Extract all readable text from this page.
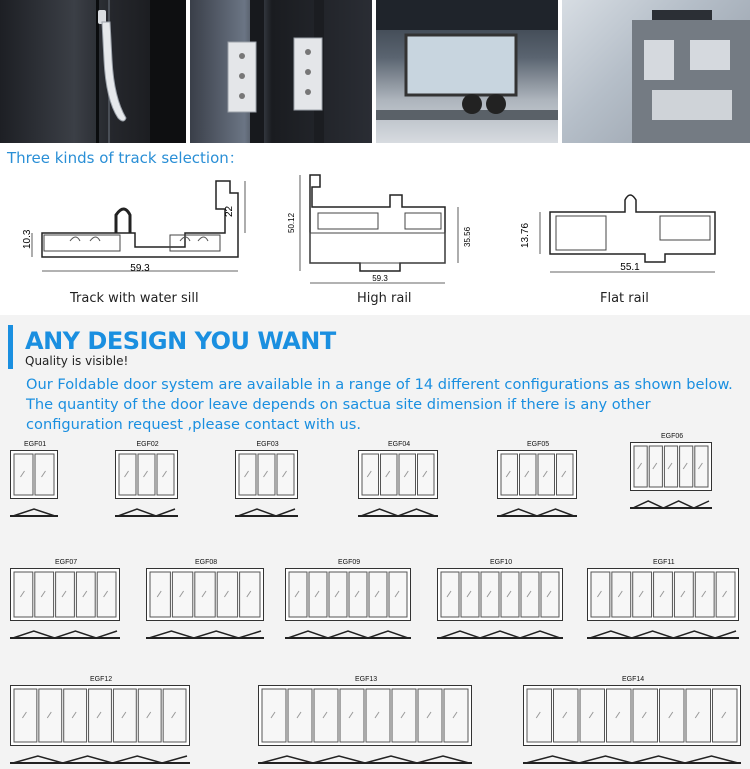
Three kinds of track selection：
59.3
10.3
22
Track with water sill
59.3
50.12
35.56
High rail
55.1
13.76
Flat rail
ANY DESIGN YOU WANT
Quality is visible!
Our Foldable door system are available in a range of 14 different configurations as shown below. The quantity of the door leave depends on sactua site dimension if there is any other configuration request ,please contact with us.
EGF01	EGF02	EGF03	EGF04	EGF05
EGF06
EGF07	EGF08	EGF09	EGF10	EGF11
EGF12	EGF13	EGF14
